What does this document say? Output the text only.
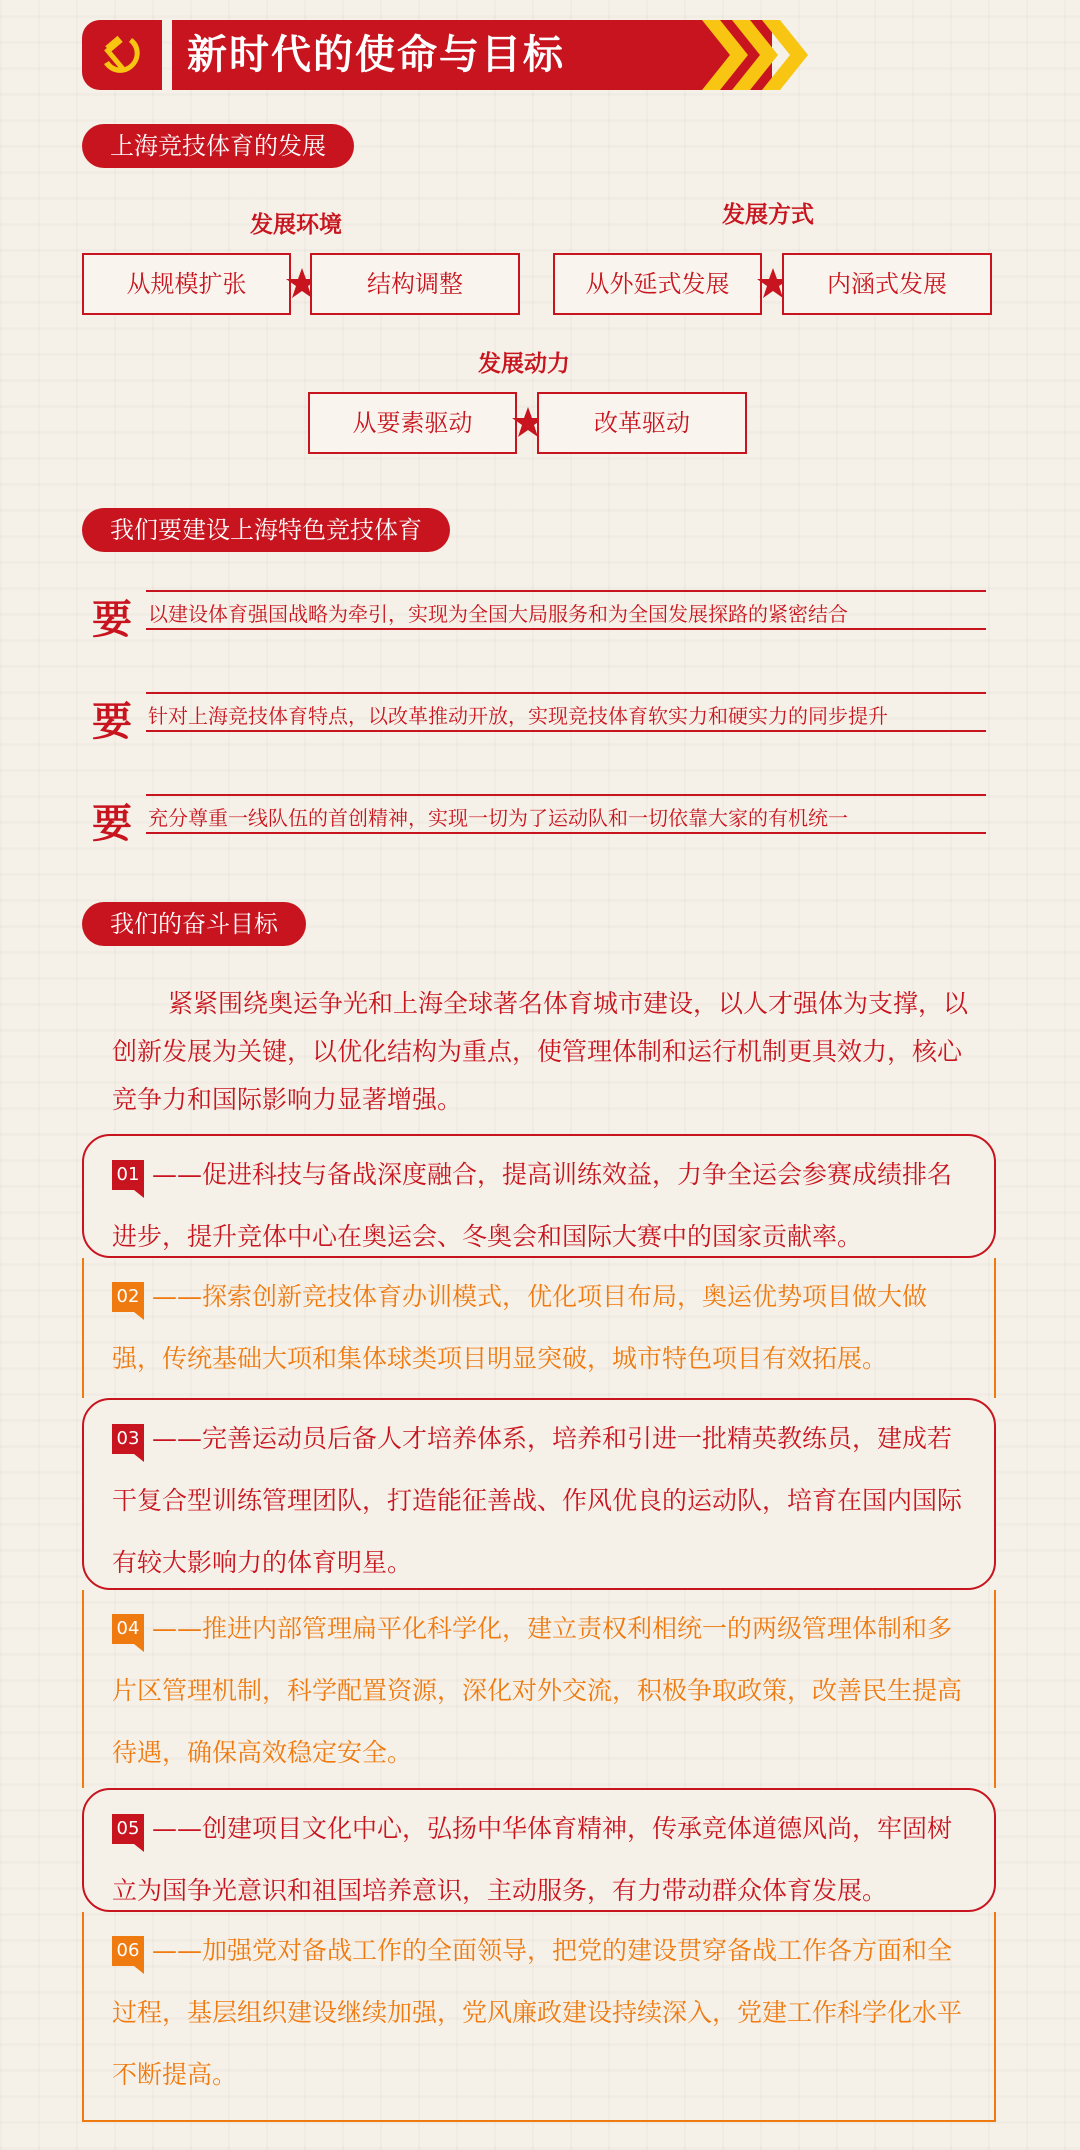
新时代的使命与目标
上海竞技体育的发展
发展环境
从规模扩张	结构调整
发展方式
从外延式发展	内涵式发展
发展动力
从要素驱动	改革驱动
我们要建设上海特色竞技体育
要 以建设体育强国战略为牵引，实现为全国大局服务和为全国发展探路的紧密结合
要 针对上海竞技体育特点，以改革推动开放，实现竞技体育软实力和硬实力的同步提升
要 充分尊重一线队伍的首创精神，实现一切为了运动队和一切依靠大家的有机统一
我们的奋斗目标
紧紧围绕奥运争光和上海全球著名体育城市建设，以人才强体为支撑，以创新发展为关键，以优化结构为重点，使管理体制和运行机制更具效力，核心竞争力和国际影响力显著增强。
01 ——促进科技与备战深度融合，提高训练效益，力争全运会参赛成绩排名进步，提升竞体中心在奥运会、冬奥会和国际大赛中的国家贡献率。
02 ——探索创新竞技体育办训模式，优化项目布局，奥运优势项目做大做强，传统基础大项和集体球类项目明显突破，城市特色项目有效拓展。
03 ——完善运动员后备人才培养体系，培养和引进一批精英教练员，建成若干复合型训练管理团队，打造能征善战、作风优良的运动队，培育在国内国际有较大影响力的体育明星。
04 ——推进内部管理扁平化科学化，建立责权利相统一的两级管理体制和多片区管理机制，科学配置资源，深化对外交流，积极争取政策，改善民生提高待遇，确保高效稳定安全。
05 ——创建项目文化中心，弘扬中华体育精神，传承竞体道德风尚，牢固树立为国争光意识和祖国培养意识，主动服务，有力带动群众体育发展。
06 ——加强党对备战工作的全面领导，把党的建设贯穿备战工作各方面和全过程，基层组织建设继续加强，党风廉政建设持续深入，党建工作科学化水平不断提高。
